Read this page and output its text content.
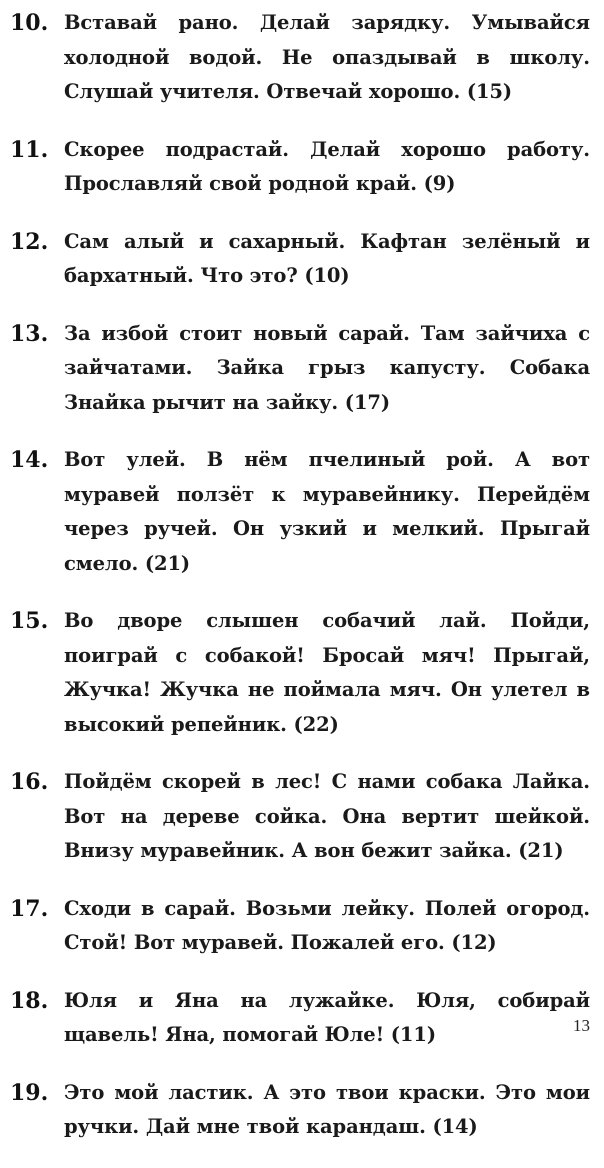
10. Вставай рано. Делай зарядку. Умывайся холодной водой. Не опаздывай в школу. Слушай учителя. Отвечай хорошо. (15)
11. Скорее подрастай. Делай хорошо работу. Прославляй свой родной край. (9)
12. Сам алый и сахарный. Кафтан зелёный и бархатный. Что это? (10)
13. За избой стоит новый сарай. Там зайчиха с зайчатами. Зайка грыз капусту. Собака Знайка рычит на зайку. (17)
14. Вот улей. В нём пчелиный рой. А вот муравей ползёт к муравейнику. Перейдём через ручей. Он узкий и мелкий. Прыгай смело. (21)
15. Во дворе слышен собачий лай. Пойди, поиграй с собакой! Бросай мяч! Прыгай, Жучка! Жучка не поймала мяч. Он улетел в высокий репейник. (22)
16. Пойдём скорей в лес! С нами собака Лайка. Вот на дереве сойка. Она вертит шейкой. Внизу муравейник. А вон бежит зайка. (21)
17. Сходи в сарай. Возьми лейку. Полей огород. Стой! Вот муравей. Пожалей его. (12)
18. Юля и Яна на лужайке. Юля, собирай щавель! Яна, помогай Юле! (11)
19. Это мой ластик. А это твои краски. Это мои ручки. Дай мне твой карандаш. (14)
13
